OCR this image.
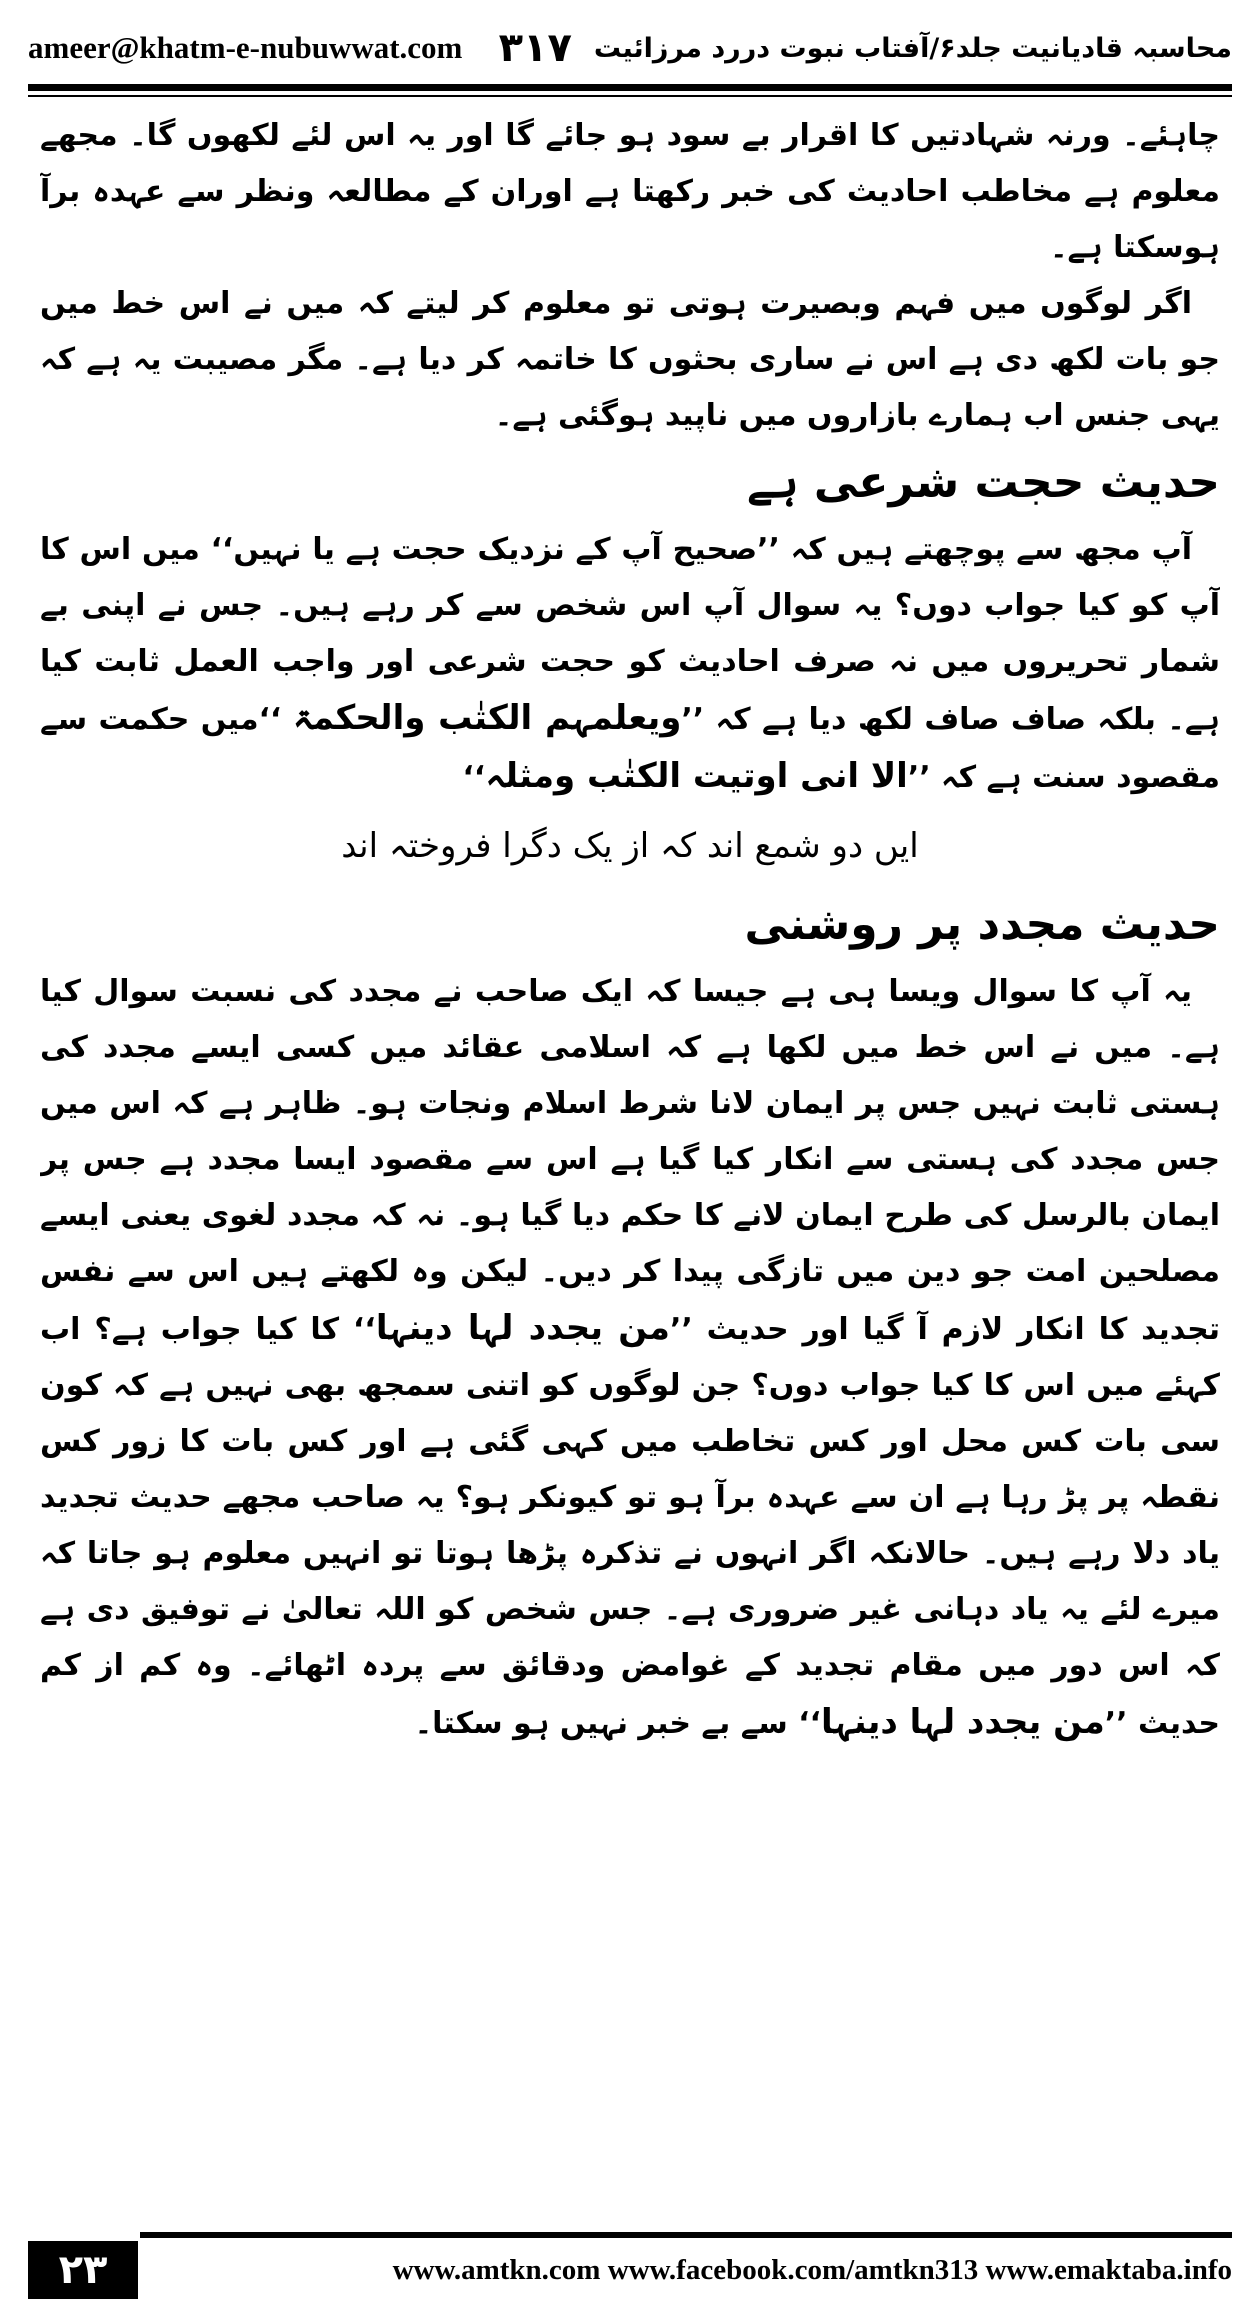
ameer@khatm-e-nubuwwat.com ۳۱۷ محاسبہ قادیانیت جلد۶/آفتاب نبوت دررد مرزائیت

چاہئے۔ ورنہ شہادتیں کا اقرار بے سود ہو جائے گا اور یہ اس لئے لکھوں گا۔ مجھے معلوم ہے مخاطب احادیث کی خبر رکھتا ہے اوران کے مطالعہ ونظر سے عہدہ برآ ہوسکتا ہے۔

اگر لوگوں میں فہم وبصیرت ہوتی تو معلوم کر لیتے کہ میں نے اس خط میں جو بات لکھ دی ہے اس نے ساری بحثوں کا خاتمہ کر دیا ہے۔ مگر مصیبت یہ ہے کہ یہی جنس اب ہمارے بازاروں میں ناپید ہوگئی ہے۔

حدیث حجت شرعی ہے

آپ مجھ سے پوچھتے ہیں کہ ’’صحیح آپ کے نزدیک حجت ہے یا نہیں‘‘ میں اس کا آپ کو کیا جواب دوں؟ یہ سوال آپ اس شخص سے کر رہے ہیں۔ جس نے اپنی بے شمار تحریروں میں نہ صرف احادیث کو حجت شرعی اور واجب العمل ثابت کیا ہے۔ بلکہ صاف صاف لکھ دیا ہے کہ ’’ویعلمہم الکتٰب والحکمۃ ‘‘میں حکمت سے مقصود سنت ہے کہ ’’الا انی اوتیت الکتٰب ومثلہ‘‘

ایں دو شمع اند کہ از یک دگرا فروختہ اند

حدیث مجدد پر روشنی

یہ آپ کا سوال ویسا ہی ہے جیسا کہ ایک صاحب نے مجدد کی نسبت سوال کیا ہے۔ میں نے اس خط میں لکھا ہے کہ اسلامی عقائد میں کسی ایسے مجدد کی ہستی ثابت نہیں جس پر ایمان لانا شرط اسلام ونجات ہو۔ ظاہر ہے کہ اس میں جس مجدد کی ہستی سے انکار کیا گیا ہے اس سے مقصود ایسا مجدد ہے جس پر ایمان بالرسل کی طرح ایمان لانے کا حکم دیا گیا ہو۔ نہ کہ مجدد لغوی یعنی ایسے مصلحین امت جو دین میں تازگی پیدا کر دیں۔ لیکن وہ لکھتے ہیں اس سے نفس تجدید کا انکار لازم آ گیا اور حدیث ’’من یجدد لہا دینہا‘‘ کا کیا جواب ہے؟ اب کہئے میں اس کا کیا جواب دوں؟ جن لوگوں کو اتنی سمجھ بھی نہیں ہے کہ کون سی بات کس محل اور کس تخاطب میں کہی گئی ہے اور کس بات کا زور کس نقطہ پر پڑ رہا ہے ان سے عہدہ برآ ہو تو کیونکر ہو؟ یہ صاحب مجھے حدیث تجدید یاد دلا رہے ہیں۔ حالانکہ اگر انہوں نے تذکرہ پڑھا ہوتا تو انہیں معلوم ہو جاتا کہ میرے لئے یہ یاد دہانی غیر ضروری ہے۔ جس شخص کو اللہ تعالیٰ نے توفیق دی ہے کہ اس دور میں مقام تجدید کے غوامض ودقائق سے پردہ اٹھائے۔ وہ کم از کم حدیث ’’من یجدد لہا دینہا‘‘ سے بے خبر نہیں ہو سکتا۔

۲۳	www.amtkn.com www.facebook.com/amtkn313 www.emaktaba.info
